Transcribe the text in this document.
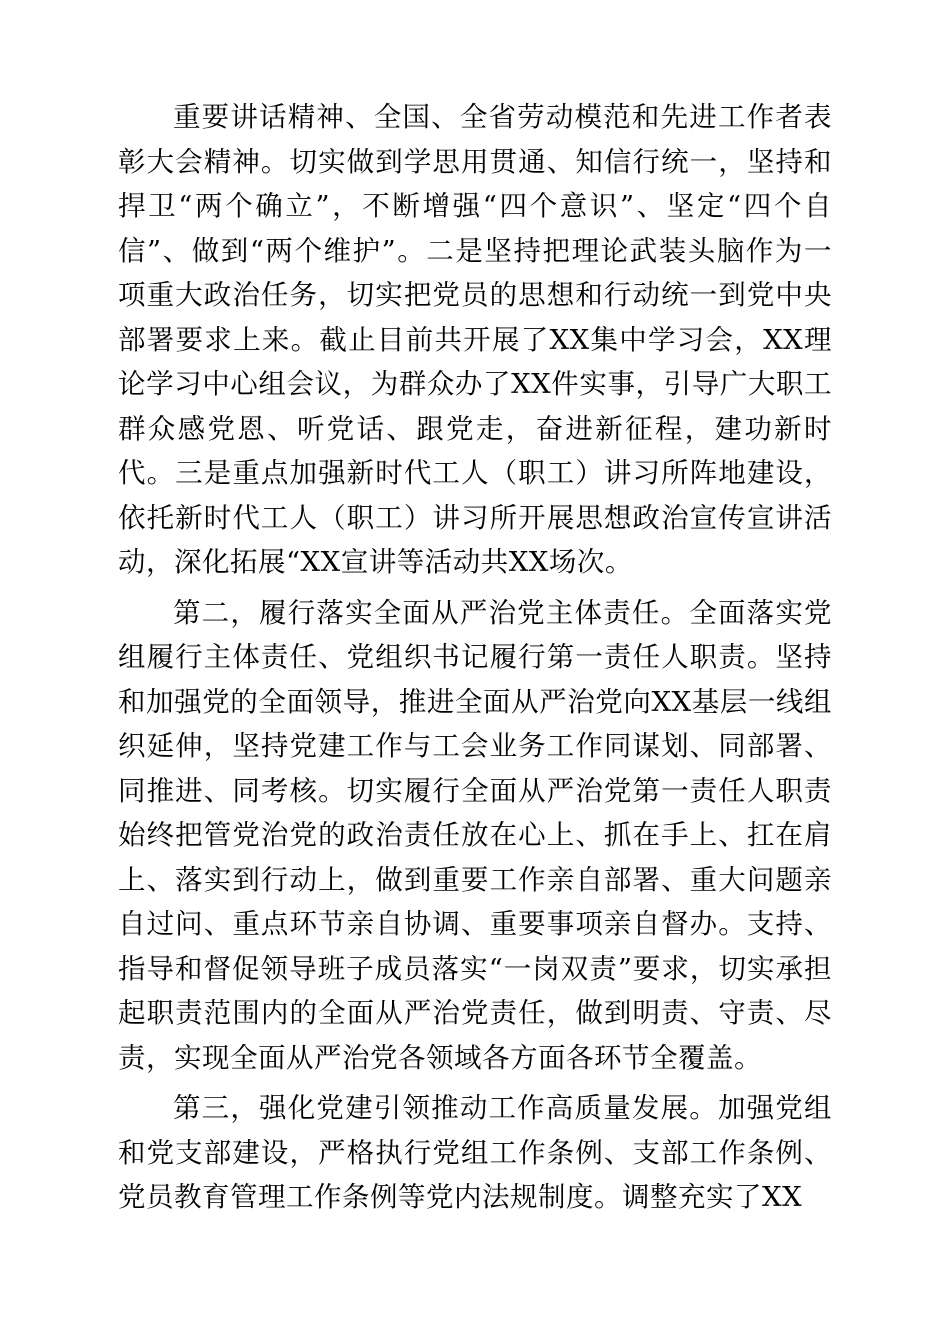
重要讲话精神、全国、全省劳动模范和先进工作者表彰大会精神。切实做到学思用贯通、知信行统一，坚持和捍卫“两个确立”，不断增强“四个意识”、坚定“四个自信”、做到“两个维护”。二是坚持把理论武装头脑作为一项重大政治任务，切实把党员的思想和行动统一到党中央部署要求上来。截止目前共开展了XX集中学习会，XX理论学习中心组会议，为群众办了XX件实事，引导广大职工群众感党恩、听党话、跟党走，奋进新征程，建功新时代。三是重点加强新时代工人（职工）讲习所阵地建设，依托新时代工人（职工）讲习所开展思想政治宣传宣讲活动，深化拓展“XX宣讲等活动共XX场次。

第二，履行落实全面从严治党主体责任。全面落实党组履行主体责任、党组织书记履行第一责任人职责。坚持和加强党的全面领导，推进全面从严治党向XX基层一线组织延伸，坚持党建工作与工会业务工作同谋划、同部署、同推进、同考核。切实履行全面从严治党第一责任人职责始终把管党治党的政治责任放在心上、抓在手上、扛在肩上、落实到行动上，做到重要工作亲自部署、重大问题亲自过问、重点环节亲自协调、重要事项亲自督办。支持、指导和督促领导班子成员落实“一岗双责”要求，切实承担起职责范围内的全面从严治党责任，做到明责、守责、尽责，实现全面从严治党各领域各方面各环节全覆盖。

第三，强化党建引领推动工作高质量发展。加强党组和党支部建设，严格执行党组工作条例、支部工作条例、党员教育管理工作条例等党内法规制度。调整充实了XX
